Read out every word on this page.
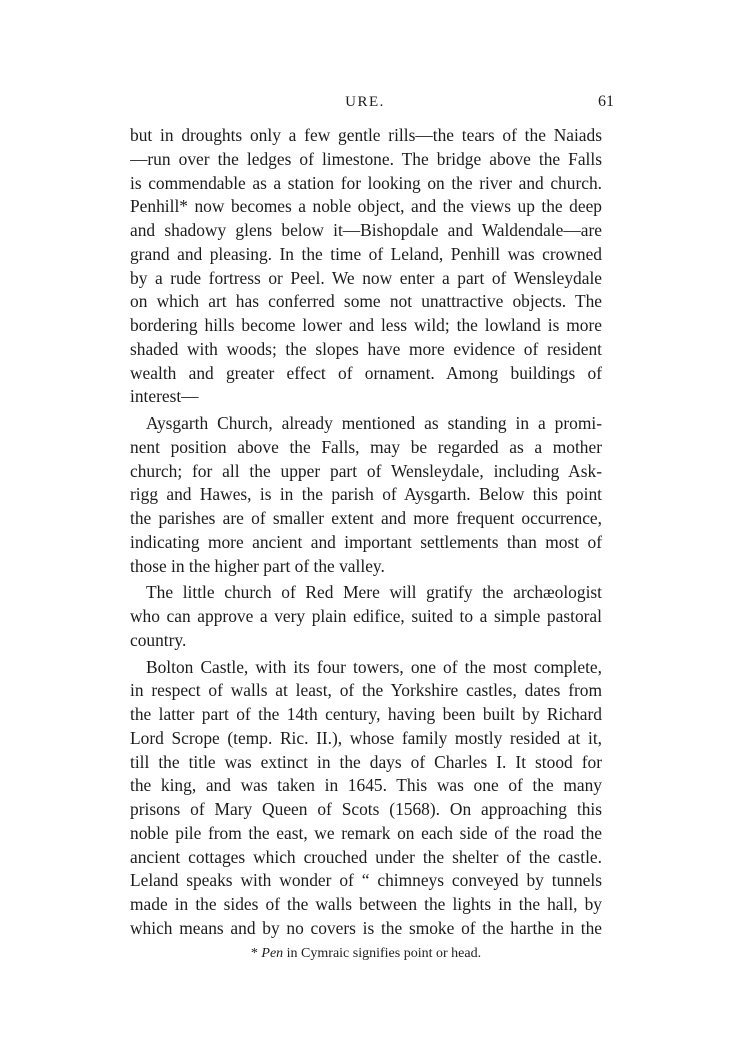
URE.	61
but in droughts only a few gentle rills—the tears of the Naiads
—run over the ledges of limestone. The bridge above the Falls
is commendable as a station for looking on the river and church.
Penhill* now becomes a noble object, and the views up the deep
and shadowy glens below it—Bishopdale and Waldendale—are
grand and pleasing. In the time of Leland, Penhill was crowned
by a rude fortress or Peel. We now enter a part of Wensleydale
on which art has conferred some not unattractive objects. The
bordering hills become lower and less wild; the lowland is more
shaded with woods; the slopes have more evidence of resident
wealth and greater effect of ornament. Among buildings of
interest—
Aysgarth Church, already mentioned as standing in a promi-
nent position above the Falls, may be regarded as a mother
church; for all the upper part of Wensleydale, including Ask-
rigg and Hawes, is in the parish of Aysgarth. Below this point
the parishes are of smaller extent and more frequent occurrence,
indicating more ancient and important settlements than most of
those in the higher part of the valley.
The little church of Red Mere will gratify the archæologist
who can approve a very plain edifice, suited to a simple pastoral
country.
Bolton Castle, with its four towers, one of the most complete,
in respect of walls at least, of the Yorkshire castles, dates from
the latter part of the 14th century, having been built by Richard
Lord Scrope (temp. Ric. II.), whose family mostly resided at it,
till the title was extinct in the days of Charles I. It stood for
the king, and was taken in 1645. This was one of the many
prisons of Mary Queen of Scots (1568). On approaching this
noble pile from the east, we remark on each side of the road the
ancient cottages which crouched under the shelter of the castle.
Leland speaks with wonder of “ chimneys conveyed by tunnels
made in the sides of the walls between the lights in the hall, by
which means and by no covers is the smoke of the harthe in the
* Pen in Cymraic signifies point or head.
